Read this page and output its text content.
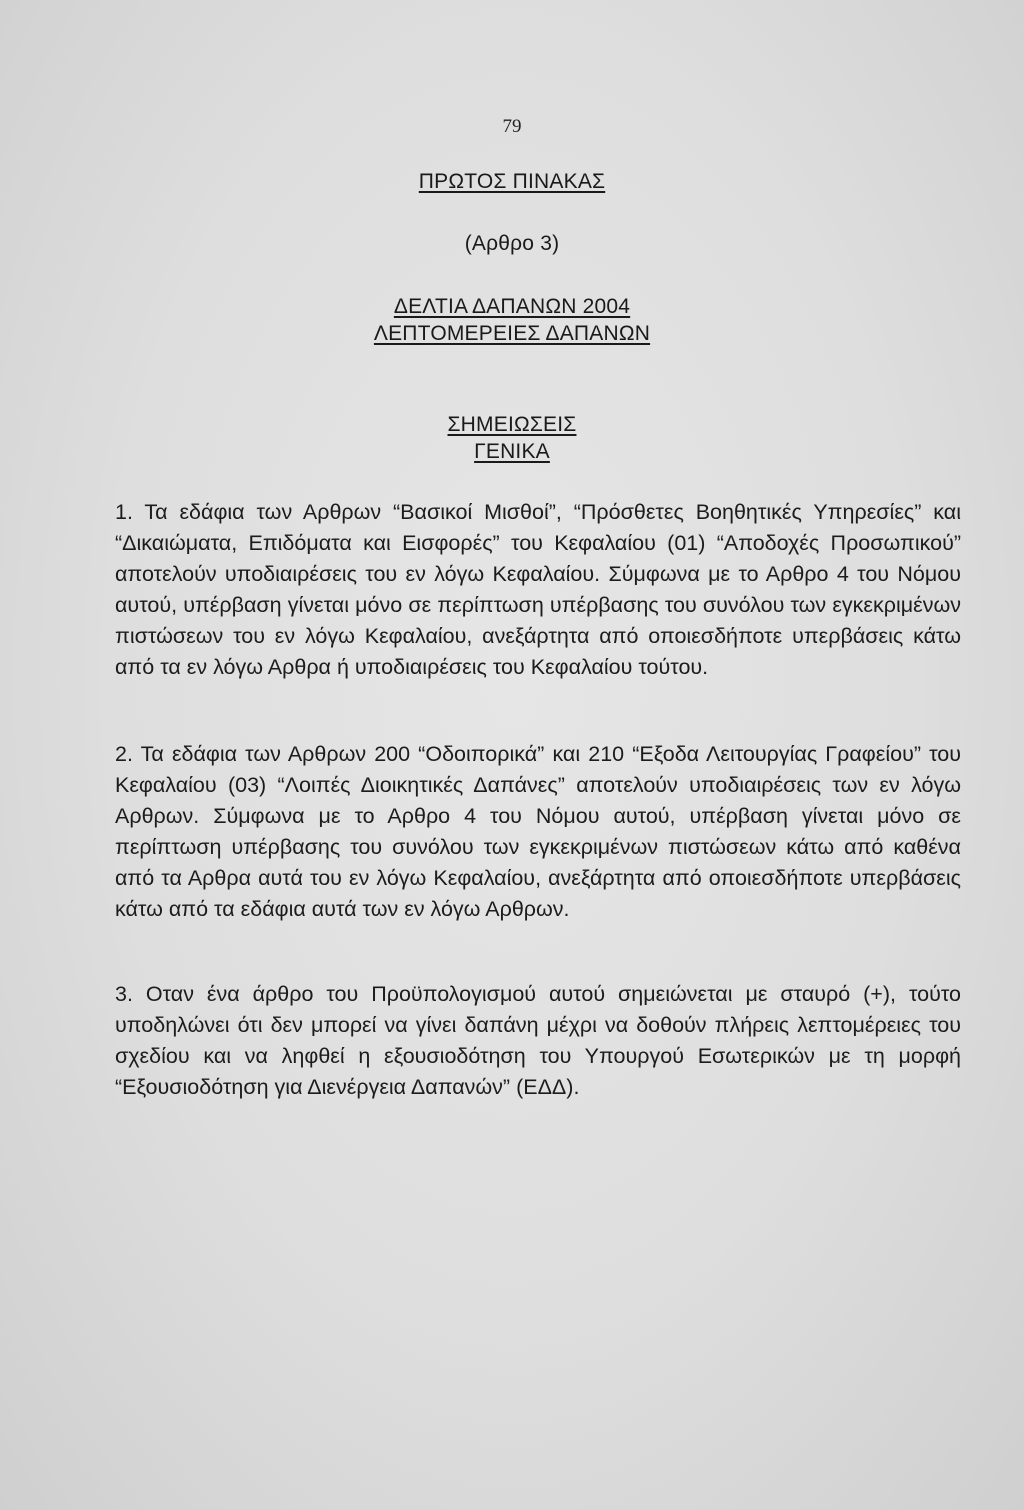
79
ΠΡΩΤΟΣ ΠΙΝΑΚΑΣ
(Αρθρο 3)
ΔΕΛΤΙΑ ΔΑΠΑΝΩΝ 2004
ΛΕΠΤΟΜΕΡΕΙΕΣ ΔΑΠΑΝΩΝ
ΣΗΜΕΙΩΣΕΙΣ
ΓΕΝΙΚΑ

1. Τα εδάφια των Αρθρων “Βασικοί Μισθοί”, “Πρόσθετες Βοηθητικές Υπηρεσίες” και “Δικαιώματα, Επιδόματα και Εισφορές” του Κεφαλαίου (01) “Αποδοχές Προσωπικού” αποτελούν υποδιαιρέσεις του εν λόγω Κεφαλαίου. Σύμφωνα με το Αρθρο 4 του Νόμου αυτού, υπέρβαση γίνεται μόνο σε περίπτωση υπέρβασης του συνόλου των εγκεκριμένων πιστώσεων του εν λόγω Κεφαλαίου, ανεξάρτητα από οποιεσδήποτε υπερβάσεις κάτω από τα εν λόγω Αρθρα ή υποδιαιρέσεις του Κεφαλαίου τούτου.

2. Τα εδάφια των Αρθρων 200 “Οδοιπορικά” και 210 “Εξοδα Λειτουργίας Γραφείου” του Κεφαλαίου (03) “Λοιπές Διοικητικές Δαπάνες” αποτελούν υποδιαιρέσεις των εν λόγω Αρθρων. Σύμφωνα με το Αρθρο 4 του Νόμου αυτού, υπέρβαση γίνεται μόνο σε περίπτωση υπέρβασης του συνόλου των εγκεκριμένων πιστώσεων κάτω από καθένα από τα Αρθρα αυτά του εν λόγω Κεφαλαίου, ανεξάρτητα από οποιεσδήποτε υπερβάσεις κάτω από τα εδάφια αυτά των εν λόγω Αρθρων.

3. Οταν ένα άρθρο του Προϋπολογισμού αυτού σημειώνεται με σταυρό (+), τούτο υποδηλώνει ότι δεν μπορεί να γίνει δαπάνη μέχρι να δοθούν πλήρεις λεπτομέρειες του σχεδίου και να ληφθεί η εξουσιοδότηση του Υπουργού Εσωτερικών με τη μορφή “Εξουσιοδότηση για Διενέργεια Δαπανών” (ΕΔΔ).
